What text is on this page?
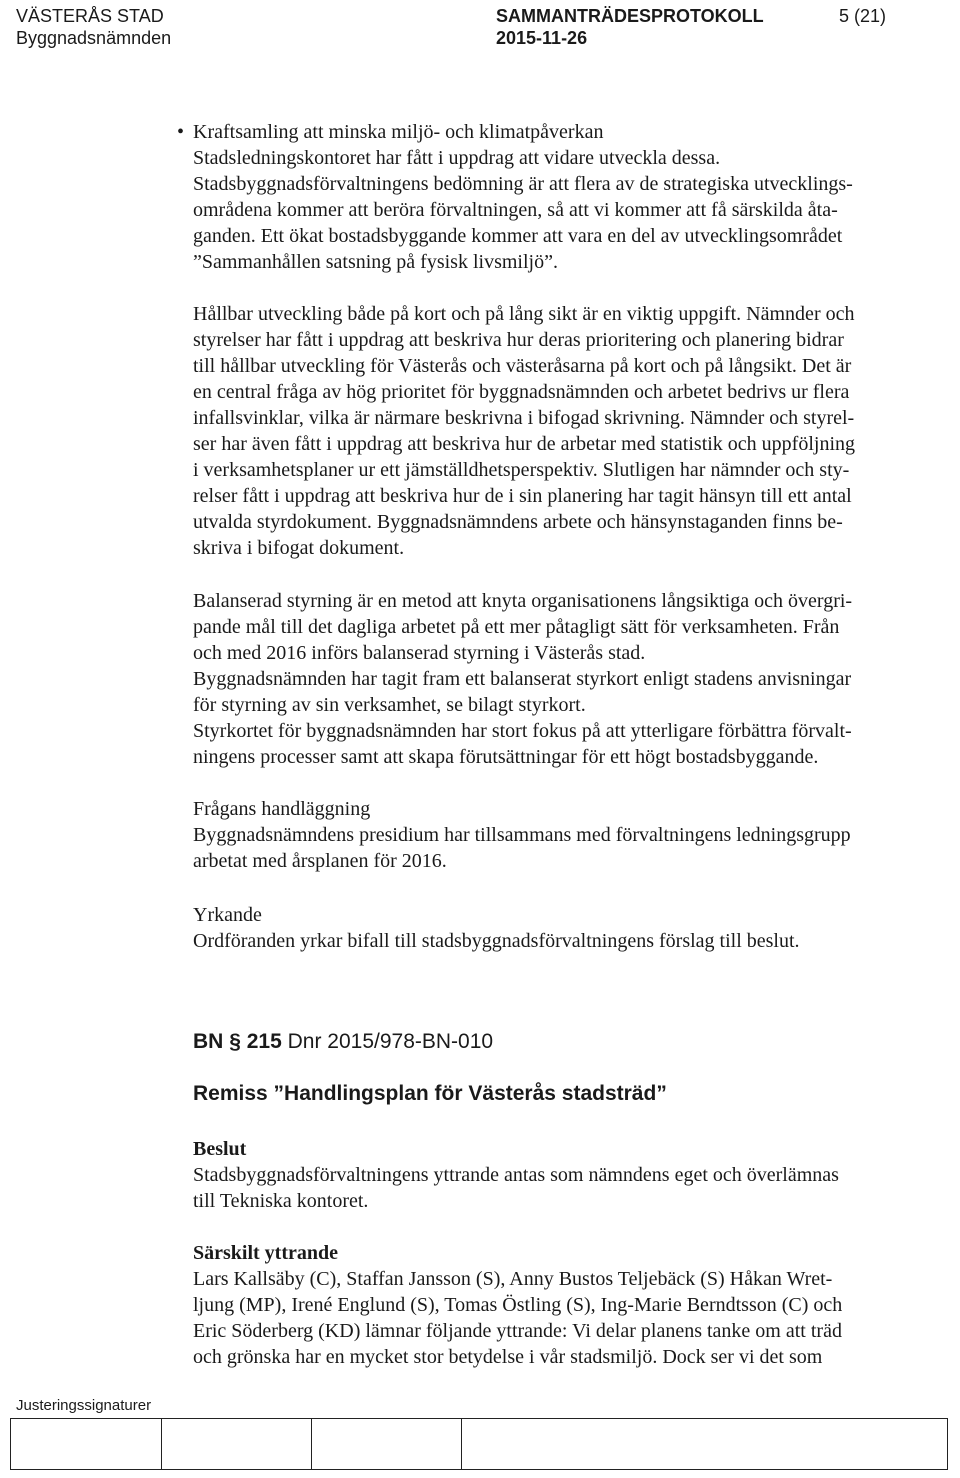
VÄSTERÅS STAD
Byggnadsnämnden
SAMMANTRÄDESPROTOKOLL
2015-11-26
5 (21)
• Kraftsamling att minska miljö- och klimatpåverkan
Stadsledningskontoret har fått i uppdrag att vidare utveckla dessa.
Stadsbyggnadsförvaltningens bedömning är att flera av de strategiska utvecklings-
områdena kommer att beröra förvaltningen, så att vi kommer att få särskilda åta-
ganden. Ett ökat bostadsbyggande kommer att vara en del av utvecklingsområdet
”Sammanhållen satsning på fysisk livsmiljö”.
Hållbar utveckling både på kort och på lång sikt är en viktig uppgift. Nämnder och
styrelser har fått i uppdrag att beskriva hur deras prioritering och planering bidrar
till hållbar utveckling för Västerås och västeråsarna på kort och på långsikt. Det är
en central fråga av hög prioritet för byggnadsnämnden och arbetet bedrivs ur flera
infallsvinklar, vilka är närmare beskrivna i bifogad skrivning. Nämnder och styrel-
ser har även fått i uppdrag att beskriva hur de arbetar med statistik och uppföljning
i verksamhetsplaner ur ett jämställdhetsperspektiv. Slutligen har nämnder och sty-
relser fått i uppdrag att beskriva hur de i sin planering har tagit hänsyn till ett antal
utvalda styrdokument. Byggnadsnämndens arbete och hänsynstaganden finns be-
skriva i bifogat dokument.
Balanserad styrning är en metod att knyta organisationens långsiktiga och övergri-
pande mål till det dagliga arbetet på ett mer påtagligt sätt för verksamheten. Från
och med 2016 införs balanserad styrning i Västerås stad.
Byggnadsnämnden har tagit fram ett balanserat styrkort enligt stadens anvisningar
för styrning av sin verksamhet, se bilagt styrkort.
Styrkortet för byggnadsnämnden har stort fokus på att ytterligare förbättra förvalt-
ningens processer samt att skapa förutsättningar för ett högt bostadsbyggande.
Frågans handläggning
Byggnadsnämndens presidium har tillsammans med förvaltningens ledningsgrupp
arbetat med årsplanen för 2016.
Yrkande
Ordföranden yrkar bifall till stadsbyggnadsförvaltningens förslag till beslut.
BN § 215 Dnr 2015/978-BN-010
Remiss ”Handlingsplan för Västerås stadsträd”
Beslut
Stadsbyggnadsförvaltningens yttrande antas som nämndens eget och överlämnas
till Tekniska kontoret.
Särskilt yttrande
Lars Kallsäby (C), Staffan Jansson (S), Anny Bustos Teljebäck (S) Håkan Wret-
ljung (MP), Irené Englund (S), Tomas Östling (S), Ing-Marie Berndtsson (C) och
Eric Söderberg (KD) lämnar följande yttrande: Vi delar planens tanke om att träd
och grönska har en mycket stor betydelse i vår stadsmiljö. Dock ser vi det som
Justeringssignaturer
